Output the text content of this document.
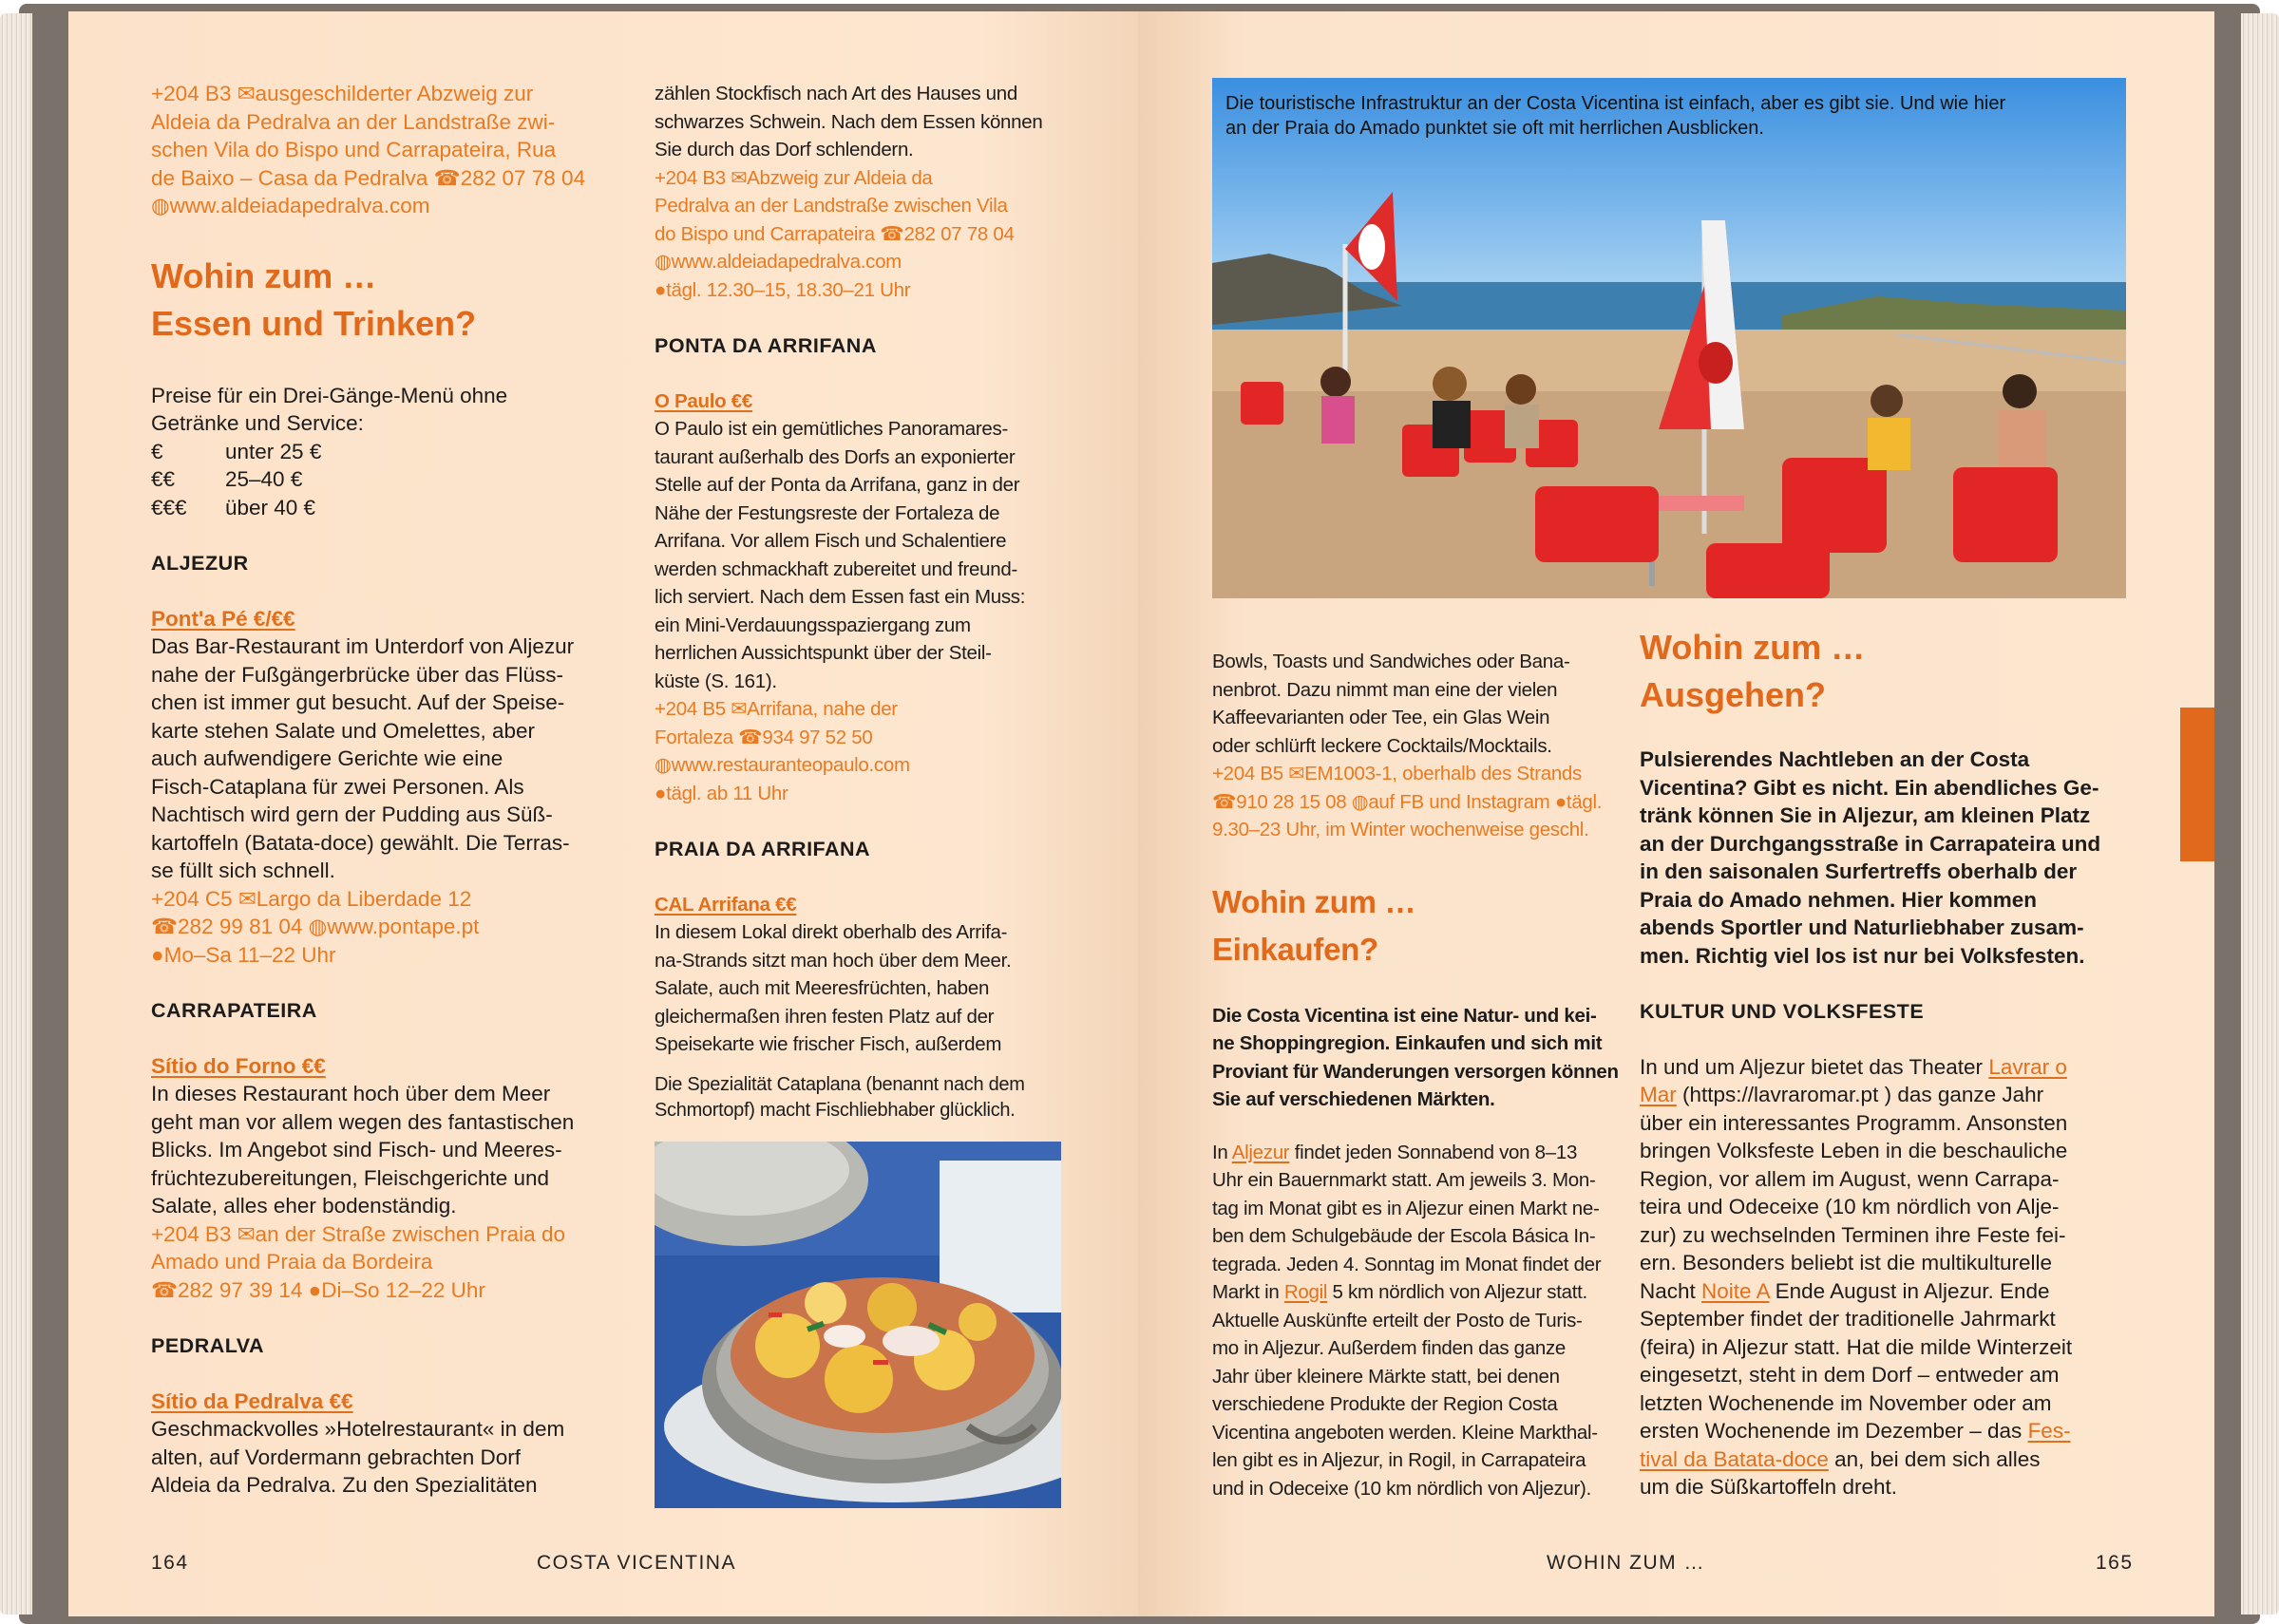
+204 B3 ✉ausgeschilderter Abzweig zur
Aldeia da Pedralva an der Landstraße zwi-
schen Vila do Bispo und Carrapateira, Rua
de Baixo – Casa da Pedralva ☎282 07 78 04
◍www.aldeiadapedralva.com
Wohin zum …
Essen und Trinken?
Preise für ein Drei-Gänge-Menü ohne
Getränke und Service:
€	unter 25 €
€€	25–40 €
€€€	über 40 €
ALJEZUR
Pont'a Pé €/€€
Das Bar-Restaurant im Unterdorf von Aljezur
nahe der Fußgängerbrücke über das Flüss-
chen ist immer gut besucht. Auf der Speise-
karte stehen Salate und Omelettes, aber
auch aufwendigere Gerichte wie eine
Fisch-Cataplana für zwei Personen. Als
Nachtisch wird gern der Pudding aus Süß-
kartoffeln (Batata-doce) gewählt. Die Terras-
se füllt sich schnell.
+204 C5 ✉Largo da Liberdade 12
☎282 99 81 04 ◍www.pontape.pt
●Mo–Sa 11–22 Uhr
CARRAPATEIRA
Sítio do Forno €€
In dieses Restaurant hoch über dem Meer
geht man vor allem wegen des fantastischen
Blicks. Im Angebot sind Fisch- und Meeres-
früchtezubereitungen, Fleischgerichte und
Salate, alles eher bodenständig.
+204 B3 ✉an der Straße zwischen Praia do
Amado und Praia da Bordeira
☎282 97 39 14 ●Di–So 12–22 Uhr
PEDRALVA
Sítio da Pedralva €€
Geschmackvolles »Hotelrestaurant« in dem
alten, auf Vordermann gebrachten Dorf
Aldeia da Pedralva. Zu den Spezialitäten
zählen Stockfisch nach Art des Hauses und
schwarzes Schwein. Nach dem Essen können
Sie durch das Dorf schlendern.
+204 B3 ✉Abzweig zur Aldeia da
Pedralva an der Landstraße zwischen Vila
do Bispo und Carrapateira ☎282 07 78 04
◍www.aldeiadapedralva.com
●tägl. 12.30–15, 18.30–21 Uhr
PONTA DA ARRIFANA
O Paulo €€
O Paulo ist ein gemütliches Panoramares-
taurant außerhalb des Dorfs an exponierter
Stelle auf der Ponta da Arrifana, ganz in der
Nähe der Festungsreste der Fortaleza de
Arrifana. Vor allem Fisch und Schalentiere
werden schmackhaft zubereitet und freund-
lich serviert. Nach dem Essen fast ein Muss:
ein Mini-Verdauungsspaziergang zum
herrlichen Aussichtspunkt über der Steil-
küste (S. 161).
+204 B5 ✉Arrifana, nahe der
Fortaleza ☎934 97 52 50
◍www.restauranteopaulo.com
●tägl. ab 11 Uhr
PRAIA DA ARRIFANA
CAL Arrifana €€
In diesem Lokal direkt oberhalb des Arrifa-
na-Strands sitzt man hoch über dem Meer.
Salate, auch mit Meeresfrüchten, haben
gleichermaßen ihren festen Platz auf der
Speisekarte wie frischer Fisch, außerdem
Die Spezialität Cataplana (benannt nach dem
Schmortopf) macht Fischliebhaber glücklich.
164	COSTA VICENTINA
Die touristische Infrastruktur an der Costa Vicentina ist einfach, aber es gibt sie. Und wie hier
an der Praia do Amado punktet sie oft mit herrlichen Ausblicken.
Bowls, Toasts und Sandwiches oder Bana-
nenbrot. Dazu nimmt man eine der vielen
Kaffeevarianten oder Tee, ein Glas Wein
oder schlürft leckere Cocktails/Mocktails.
+204 B5 ✉EM1003-1, oberhalb des Strands
☎910 28 15 08 ◍auf FB und Instagram ●tägl.
9.30–23 Uhr, im Winter wochenweise geschl.
Wohin zum …
Einkaufen?
Die Costa Vicentina ist eine Natur- und kei-
ne Shoppingregion. Einkaufen und sich mit
Proviant für Wanderungen versorgen können
Sie auf verschiedenen Märkten.
In Aljezur findet jeden Sonnabend von 8–13
Uhr ein Bauernmarkt statt. Am jeweils 3. Mon-
tag im Monat gibt es in Aljezur einen Markt ne-
ben dem Schulgebäude der Escola Básica In-
tegrada. Jeden 4. Sonntag im Monat findet der
Markt in Rogil 5 km nördlich von Aljezur statt.
Aktuelle Auskünfte erteilt der Posto de Turis-
mo in Aljezur. Außerdem finden das ganze
Jahr über kleinere Märkte statt, bei denen
verschiedene Produkte der Region Costa
Vicentina angeboten werden. Kleine Markthal-
len gibt es in Aljezur, in Rogil, in Carrapateira
und in Odeceixe (10 km nördlich von Aljezur).
Wohin zum …
Ausgehen?
Pulsierendes Nachtleben an der Costa
Vicentina? Gibt es nicht. Ein abendliches Ge-
tränk können Sie in Aljezur, am kleinen Platz
an der Durchgangsstraße in Carrapateira und
in den saisonalen Surfertreffs oberhalb der
Praia do Amado nehmen. Hier kommen
abends Sportler und Naturliebhaber zusam-
men. Richtig viel los ist nur bei Volksfesten.
KULTUR UND VOLKSFESTE
In und um Aljezur bietet das Theater Lavrar o
Mar (https://lavraromar.pt ) das ganze Jahr
über ein interessantes Programm. Ansonsten
bringen Volksfeste Leben in die beschauliche
Region, vor allem im August, wenn Carrapa-
teira und Odeceixe (10 km nördlich von Alje-
zur) zu wechselnden Terminen ihre Feste fei-
ern. Besonders beliebt ist die multikulturelle
Nacht Noite A Ende August in Aljezur. Ende
September findet der traditionelle Jahrmarkt
(feira) in Aljezur statt. Hat die milde Winterzeit
eingesetzt, steht in dem Dorf – entweder am
letzten Wochenende im November oder am
ersten Wochenende im Dezember – das Fes-
tival da Batata-doce an, bei dem sich alles
um die Süßkartoffeln dreht.
WOHIN ZUM …	165
